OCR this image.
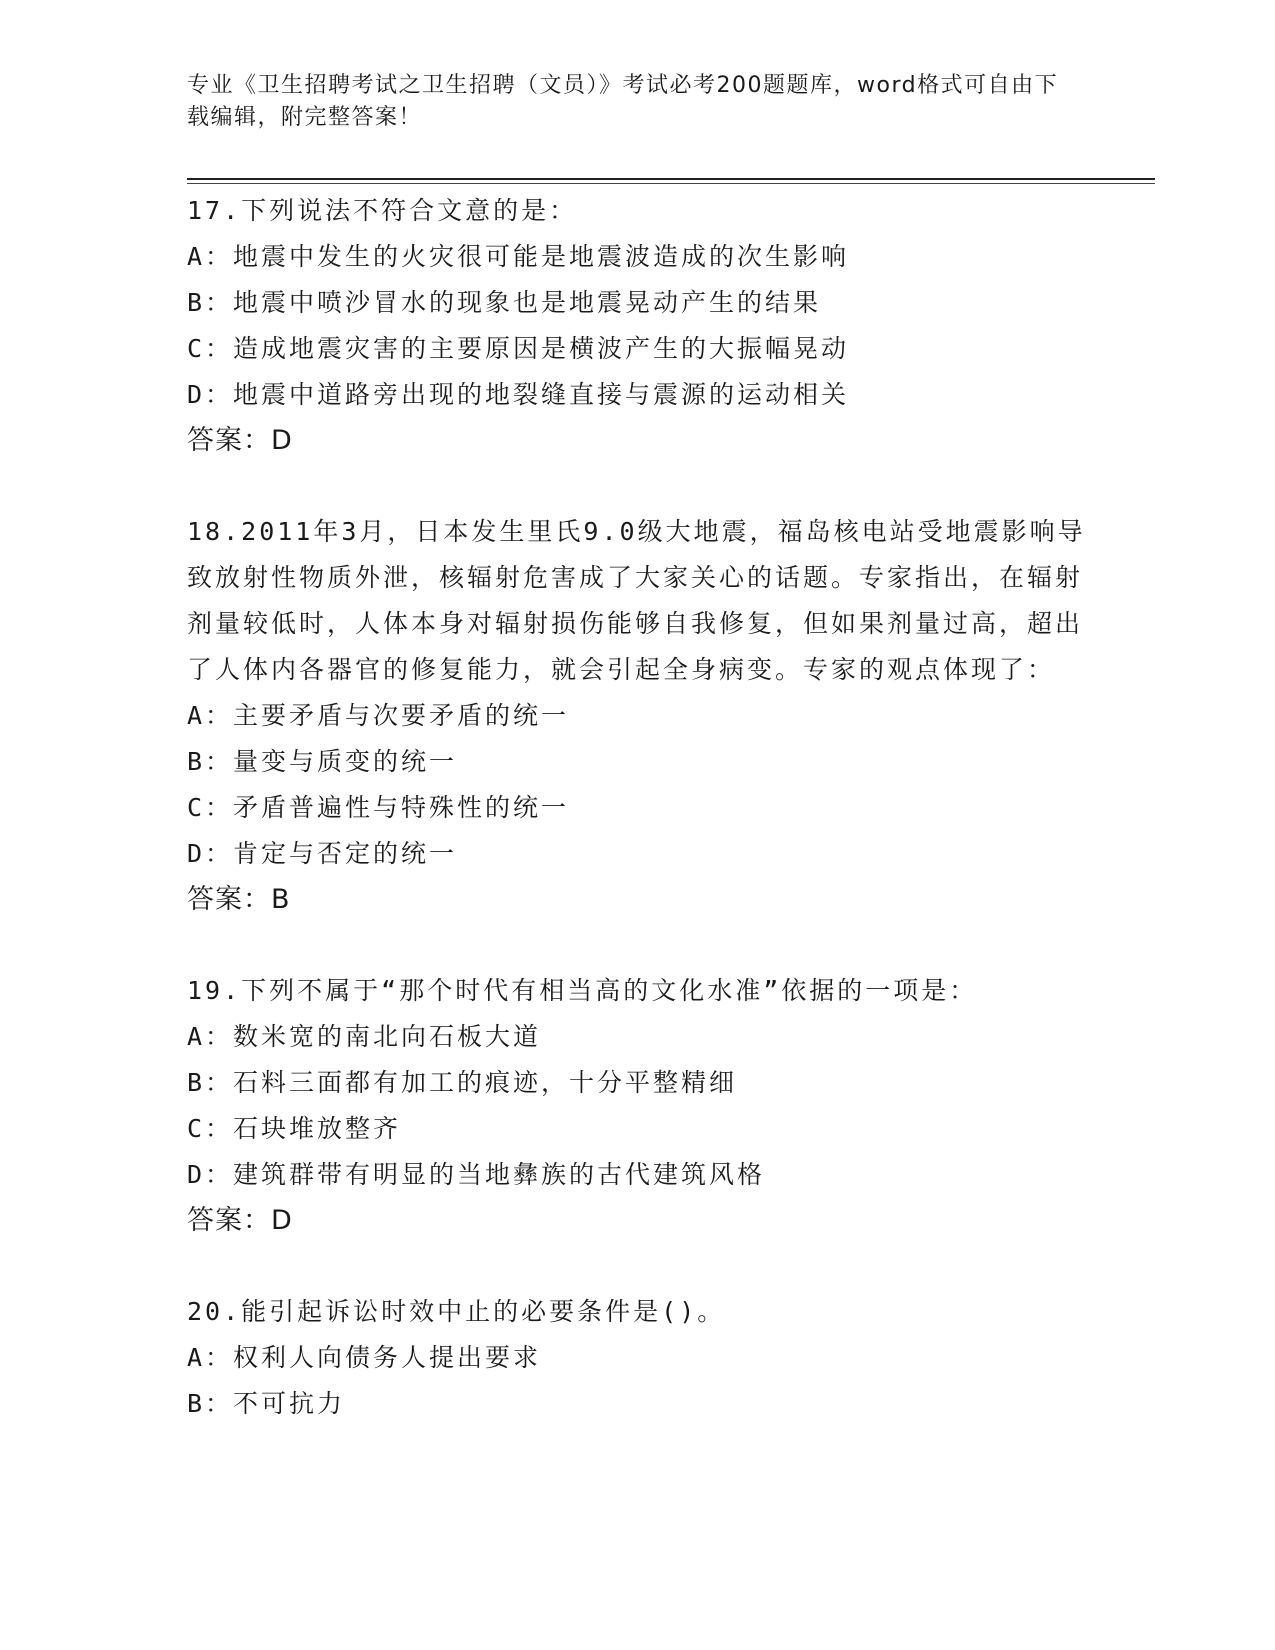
专业《卫生招聘考试之卫生招聘（文员）》考试必考200题题库，word格式可自由下载编辑，附完整答案！
17.下列说法不符合文意的是：
A：地震中发生的火灾很可能是地震波造成的次生影响
B：地震中喷沙冒水的现象也是地震晃动产生的结果
C：造成地震灾害的主要原因是横波产生的大振幅晃动
D：地震中道路旁出现的地裂缝直接与震源的运动相关
答案：D
18.2011年3月，日本发生里氏9.0级大地震，福岛核电站受地震影响导致放射性物质外泄，核辐射危害成了大家关心的话题。专家指出，在辐射剂量较低时，人体本身对辐射损伤能够自我修复，但如果剂量过高，超出了人体内各器官的修复能力，就会引起全身病变。专家的观点体现了：
A：主要矛盾与次要矛盾的统一
B：量变与质变的统一
C：矛盾普遍性与特殊性的统一
D：肯定与否定的统一
答案：B
19.下列不属于“那个时代有相当高的文化水准”依据的一项是：
A：数米宽的南北向石板大道
B：石料三面都有加工的痕迹，十分平整精细
C：石块堆放整齐
D：建筑群带有明显的当地彝族的古代建筑风格
答案：D
20.能引起诉讼时效中止的必要条件是()。
A：权利人向债务人提出要求
B：不可抗力
